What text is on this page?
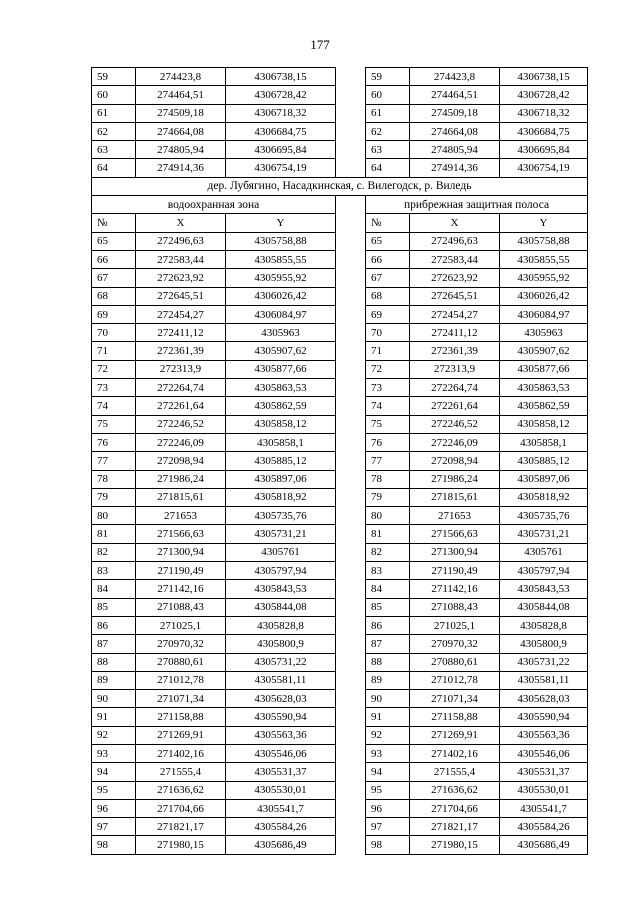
177
59	274423,8	4306738,15		59	274423,8	4306738,15
60	274464,51	4306728,42		60	274464,51	4306728,42
61	274509,18	4306718,32		61	274509,18	4306718,32
62	274664,08	4306684,75		62	274664,08	4306684,75
63	274805,94	4306695,84		63	274805,94	4306695,84
64	274914,36	4306754,19		64	274914,36	4306754,19
дер. Лубягино, Насадкинская, с. Вилегодск, р. Виледь						
водоохранная зона				прибрежная защитная полоса		
№	X	Y		№	X	Y
65	272496,63	4305758,88		65	272496,63	4305758,88
66	272583,44	4305855,55		66	272583,44	4305855,55
67	272623,92	4305955,92		67	272623,92	4305955,92
68	272645,51	4306026,42		68	272645,51	4306026,42
69	272454,27	4306084,97		69	272454,27	4306084,97
70	272411,12	4305963		70	272411,12	4305963
71	272361,39	4305907,62		71	272361,39	4305907,62
72	272313,9	4305877,66		72	272313,9	4305877,66
73	272264,74	4305863,53		73	272264,74	4305863,53
74	272261,64	4305862,59		74	272261,64	4305862,59
75	272246,52	4305858,12		75	272246,52	4305858,12
76	272246,09	4305858,1		76	272246,09	4305858,1
77	272098,94	4305885,12		77	272098,94	4305885,12
78	271986,24	4305897,06		78	271986,24	4305897,06
79	271815,61	4305818,92		79	271815,61	4305818,92
80	271653	4305735,76		80	271653	4305735,76
81	271566,63	4305731,21		81	271566,63	4305731,21
82	271300,94	4305761		82	271300,94	4305761
83	271190,49	4305797,94		83	271190,49	4305797,94
84	271142,16	4305843,53		84	271142,16	4305843,53
85	271088,43	4305844,08		85	271088,43	4305844,08
86	271025,1	4305828,8		86	271025,1	4305828,8
87	270970,32	4305800,9		87	270970,32	4305800,9
88	270880,61	4305731,22		88	270880,61	4305731,22
89	271012,78	4305581,11		89	271012,78	4305581,11
90	271071,34	4305628,03		90	271071,34	4305628,03
91	271158,88	4305590,94		91	271158,88	4305590,94
92	271269,91	4305563,36		92	271269,91	4305563,36
93	271402,16	4305546,06		93	271402,16	4305546,06
94	271555,4	4305531,37		94	271555,4	4305531,37
95	271636,62	4305530,01		95	271636,62	4305530,01
96	271704,66	4305541,7		96	271704,66	4305541,7
97	271821,17	4305584,26		97	271821,17	4305584,26
98	271980,15	4305686,49		98	271980,15	4305686,49
